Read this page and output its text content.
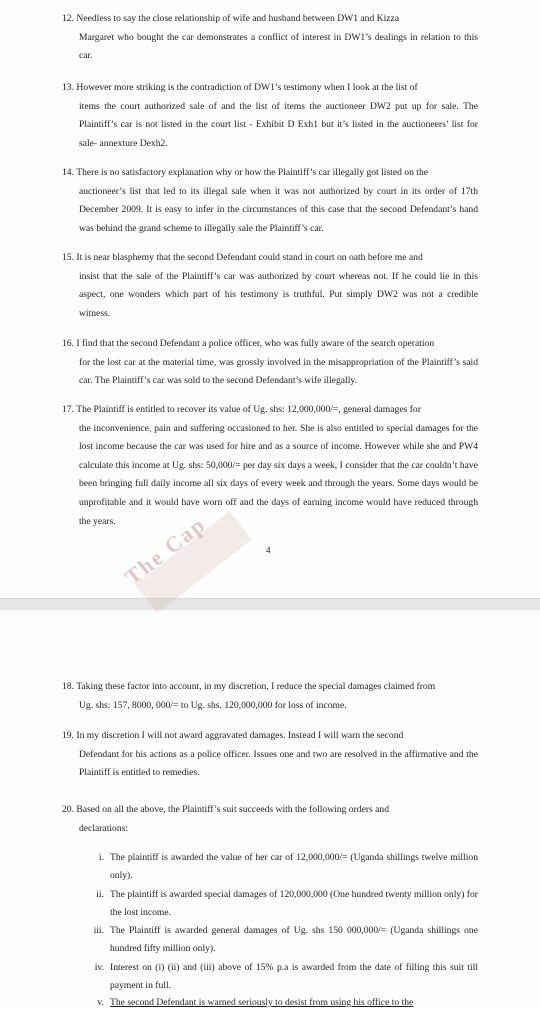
The Cap
12. Needless to say the close relationship of wife and husband between DW1 and Kizza
Margaret who bought the car demonstrates a conflict of interest in DW1’s dealings in relation to this car.
13. However more striking is the contradiction of DW1’s testimony when I look at the list of
items the court authorized sale of and the list of items the auctioneer DW2 put up for sale. The Plaintiff’s car is not listed in the court list - Exhibit D Exh1 but it’s listed in the auctioneers’ list for sale- annexture Dexh2.
14. There is no satisfactory explanation why or how the Plaintiff’s car illegally got listed on the
auctioneer’s list that led to its illegal sale when it was not authorized by court in its order of 17th December 2009. It is easy to infer in the circumstances of this case that the second Defendant’s hand was behind the grand scheme to illegally sale the Plaintiff’s car.
15. It is near blasphemy that the second Defendant could stand in court on oath before me and
insist that the sale of the Plaintiff’s car was authorized by court whereas not. If he could lie in this aspect, one wonders which part of his testimony is truthful. Put simply DW2 was not a credible witness.
16. I find that the second Defendant a police officer, who was fully aware of the search operation
for the lost car at the material time, was grossly involved in the misappropriation of the Plaintiff’s said car. The Plaintiff’s car was sold to the second Defendant’s wife illegally.
17. The Plaintiff is entitled to recover its value of Ug. shs: 12,000,000/=, general damages for
the inconvenience, pain and suffering occasioned to her. She is also entitled to special damages for the lost income because the car was used for hire and as a source of income. However while she and PW4 calculate this income at Ug. shs: 50,000/= per day six days a week, I consider that the car couldn’t have been bringing full daily income all six days of every week and through the years. Some days would be unprofitable and it would have worn off and the days of earning income would have reduced through the years.
4
18. Taking these factor into account, in my discretion, I reduce the special damages claimed from
Ug. shs: 157, 8000, 000/= to Ug. shs. 120,000,000 for loss of income.
19. In my discretion I will not award aggravated damages. Instead I will warn the second
Defendant for his actions as a police officer. Issues one and two are resolved in the affirmative and the Plaintiff is entitled to remedies.
20. Based on all the above, the Plaintiff’s suit succeeds with the following orders and
declarations:
i. The plaintiff is awarded the value of her car of 12,000,000/= (Uganda shillings twelve million only).
ii. The plaintiff is awarded special damages of 120,000,000 (One hundred twenty million only) for the lost income.
iii. The Plaintiff is awarded general damages of Ug. shs 150 000,000/= (Uganda shillings one hundred fifty million only).
iv. Interest on (i) (ii) and (iii) above of 15% p.a is awarded from the date of filling this suit till payment in full.
v. The second Defendant is warned seriously to desist from using his office to the
